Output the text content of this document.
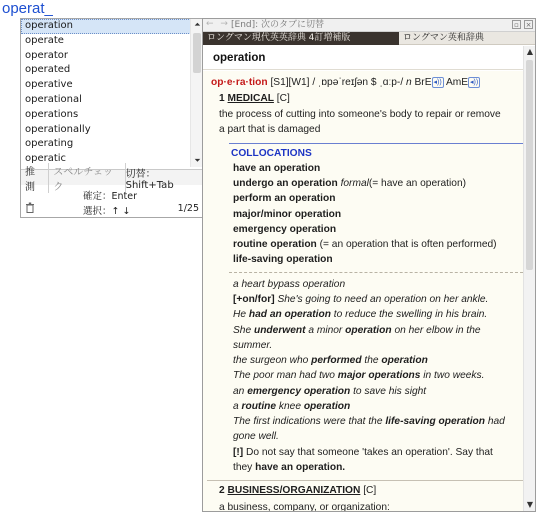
operat_
operation
operate
operator
operated
operative
operational
operations
operationally
operating
operatic
⏶
⏷
推測
スペルチェック
切替：Shift+Tab
確定：Enter
選択：↑ ↓	1/25
← → [End]: 次のタブに切替	▫ ×
ロングマン現代英英辞典 4訂増補版	ロングマン英和辞典
operation
op·e·ra·tion [S1][W1] / ˌɒpəˈreɪʃən $ ˌɑːp-/ n BrE ◂)) AmE ◂))
1 MEDICAL [C]
the process of cutting into someone's body to repair or remove
a part that is damaged
COLLOCATIONS
have an operation
undergo an operation formal(= have an operation)
perform an operation
major/minor operation
emergency operation
routine operation (= an operation that is often performed)
life-saving operation
a heart bypass operation
[+on/for] She's going to need an operation on her ankle.
He had an operation to reduce the swelling in his brain.
She underwent a minor operation on her elbow in the
summer.
the surgeon who performed the operation
The poor man had two major operations in two weeks.
an emergency operation to save his sight
a routine knee operation
The first indications were that the life-saving operation had
gone well.
[!] Do not say that someone 'takes an operation'. Say that
they have an operation.
2 BUSINESS/ORGANIZATION [C]
a business, company, or organization:
▲
▼
